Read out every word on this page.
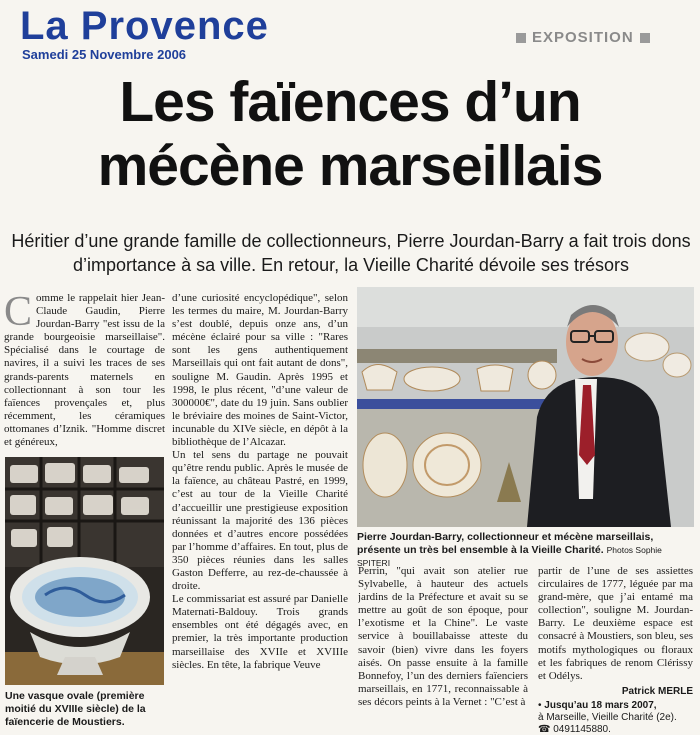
La Provence
Samedi 25 Novembre 2006
EXPOSITION
Les faïences d’un
mécène marseillais
Héritier d’une grande famille de collectionneurs, Pierre Jourdan-Barry a fait trois dons d’importance à sa ville. En retour, la Vieille Charité dévoile ses trésors
C omme le rappelait hier Jean-Claude Gaudin, Pierre Jourdan-Barry "est issu de la grande bourgeoisie marseillaise". Spécialisé dans le courtage de navires, il a suivi les traces de ses grands-parents maternels en collectionnant à son tour les faïences provençales et, plus récemment, les céramiques ottomanes d’Iznik. "Homme discret et généreux,
Une vasque ovale (première moitié du XVIIIe siècle) de la faïencerie de Moustiers.

d’une curiosité encyclopédique", selon les termes du maire, M. Jourdan-Barry s’est doublé, depuis onze ans, d’un mécène éclairé pour sa ville : "Rares sont les gens authentiquement Marseillais qui ont fait autant de dons", souligne M. Gaudin. Après 1995 et 1998, le plus récent, "d’une valeur de 300000€", date du 19 juin. Sans oublier le bréviaire des moines de Saint-Victor, incunable du XIVe siècle, en dépôt à la bibliothèque de l’Alcazar.

Un tel sens du partage ne pouvait qu’être rendu public. Après le musée de la faïence, au château Pastré, en 1999, c’est au tour de la Vieille Charité d’accueillir une prestigieuse exposition réunissant la majorité des 136 pièces données et d’autres encore possédées par l’homme d’affaires. En tout, plus de 350 pièces réunies dans les salles Gaston Defferre, au rez-de-chaussée à droite.

Le commissariat est assuré par Danielle Maternati-Baldouy. Trois grands ensembles ont été dégagés avec, en premier, la très importante production marseillaise des XVIIe et XVIIIe siècles. En tête, la fabrique Veuve

Pierre Jourdan-Barry, collectionneur et mécène marseillais, présente un très bel ensemble à la Vieille Charité. Photos Sophie SPITERI

Perrin, "qui avait son atelier rue Sylvabelle, à hauteur des actuels jardins de la Préfecture et avait su se mettre au goût de son époque, pour l’exotisme et la Chine". Le vaste service à bouillabaisse atteste du savoir (bien) vivre dans les foyers aisés. On passe ensuite à la famille Bonnefoy, l’un des derniers faïenciers marseillais, en 1771, reconnaissable à ses décors peints à la Vernet : "C’est à

partir de l’une de ses assiettes circulaires de 1777, léguée par ma grand-mère, que j’ai entamé ma collection", souligne M. Jourdan-Barry. Le deuxième espace est consacré à Moustiers, son bleu, ses motifs mythologiques ou floraux et les fabriques de renom Clérissy et Odélys.

Patrick MERLE
• Jusqu’au 18 mars 2007,
à Marseille, Vieille Charité (2e).
☎ 0491145880.
